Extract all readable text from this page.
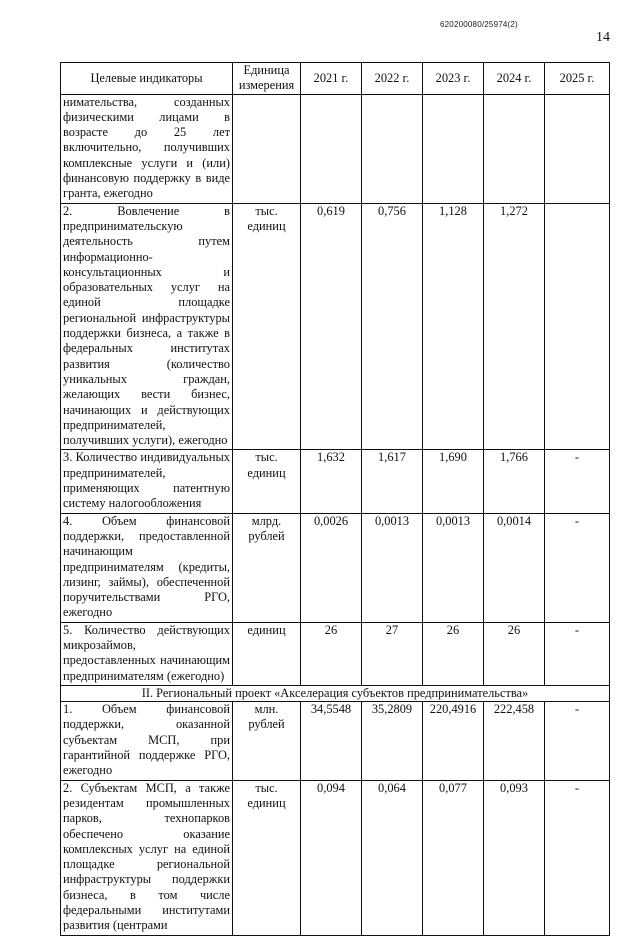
620200080/25974(2)
14
Целевые индикаторы	Единица измерения	2021 г.	2022 г.	2023 г.	2024 г.	2025 г.
нимательства, созданных физическими лицами в возрасте до 25 лет включительно, получивших комплексные услуги и (или) финансовую поддержку в виде гранта, ежегодно						
2. Вовлечение в предпринимательскую деятельность путем информационно-консультационных и образовательных услуг на единой площадке региональной инфраструктуры поддержки бизнеса, а также в федеральных институтах развития (количество уникальных граждан, желающих вести бизнес, начинающих и действующих предпринимателей, получивших услуги), ежегодно	тыс. единиц	0,619	0,756	1,128	1,272	
3. Количество индивидуальных предпринимателей, применяющих патентную систему налогообложения	тыс. единиц	1,632	1,617	1,690	1,766	-
4. Объем финансовой поддержки, предоставленной начинающим предпринимателям (кредиты, лизинг, займы), обеспеченной поручительствами РГО, ежегодно	млрд. рублей	0,0026	0,0013	0,0013	0,0014	-
5. Количество действующих микрозаймов, предоставленных начинающим предпринимателям (ежегодно)	единиц	26	27	26	26	-
II. Региональный проект «Акселерация субъектов предпринимательства»						
1. Объем финансовой поддержки, оказанной субъектам МСП, при гарантийной поддержке РГО, ежегодно	млн. рублей	34,5548	35,2809	220,4916	222,458	-
2. Субъектам МСП, а также резидентам промышленных парков, технопарков обеспечено оказание комплексных услуг на единой площадке региональной инфраструктуры поддержки бизнеса, в том числе федеральными институтами развития (центрами	тыс. единиц	0,094	0,064	0,077	0,093	-
